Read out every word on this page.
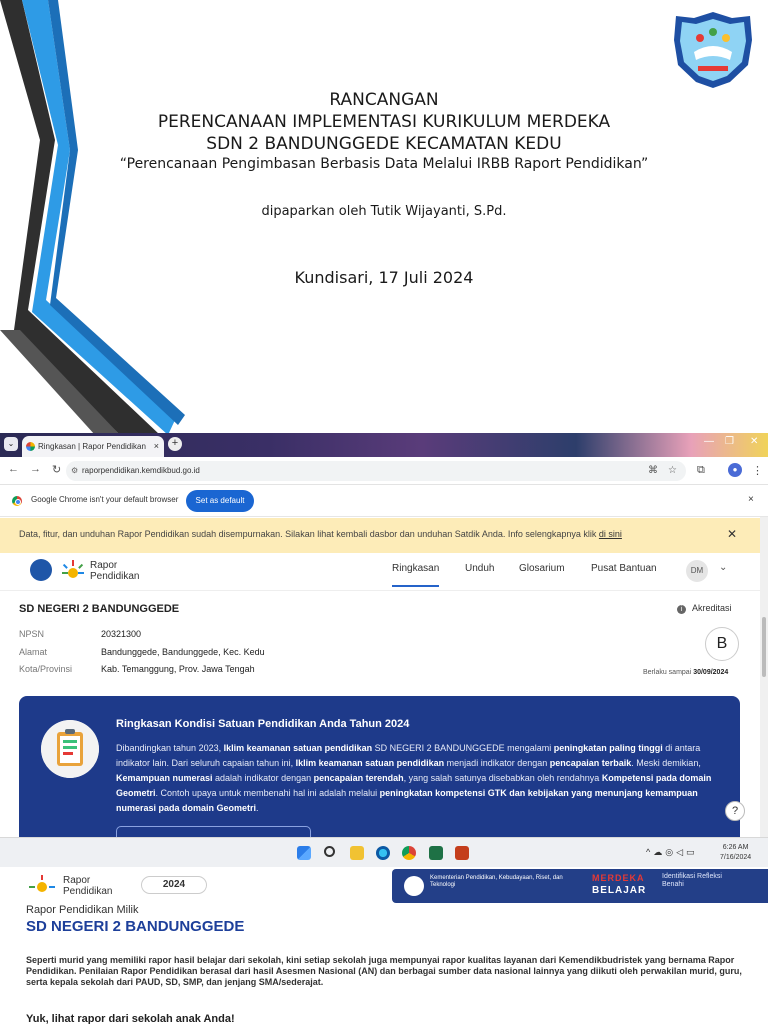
RANCANGAN
PERENCANAAN IMPLEMENTASI KURIKULUM MERDEKA
SDN 2 BANDUNGGEDE KECAMATAN KEDU
“Perencanaan Pengimbasan Berbasis Data Melalui IRBB Raport Pendidikan”
dipaparkan oleh Tutik Wijayanti, S.Pd.
Kundisari, 17 Juli 2024
⌄	Ringkasan | Rapor Pendidikan ×	+	— ❐ ✕
← → ↻ ⚙ raporpendidikan.kemdikbud.go.id	⌘ ☆ ⧉	●	⋮
Google Chrome isn't your default browser	Set as default	×
Data, fitur, dan unduhan Rapor Pendidikan sudah disempurnakan. Silakan lihat kembali dasbor dan unduhan Satdik Anda. Info selengkapnya klik di sini	✕
Rapor
Pendidikan
Ringkasan	Unduh Glosarium	Pusat Bantuan	DM	⌄
SD NEGERI 2 BANDUNGGEDE
NPSN	20321300
Alamat	Bandunggede, Bandunggede, Kec. Kedu
Kota/Provinsi	Kab. Temanggung, Prov. Jawa Tengah
i	Akreditasi
B
Berlaku sampai 30/09/2024
Ringkasan Kondisi Satuan Pendidikan Anda Tahun 2024
Dibandingkan tahun 2023, Iklim keamanan satuan pendidikan SD NEGERI 2 BANDUNGGEDE mengalami peningkatan paling tinggi di antara indikator lain. Dari seluruh capaian tahun ini, Iklim keamanan satuan pendidikan menjadi indikator dengan pencapaian terbaik. Meski demikian, Kemampuan numerasi adalah indikator dengan pencapaian terendah, yang salah satunya disebabkan oleh rendahnya Kompetensi pada domain Geometri. Contoh upaya untuk membenahi hal ini adalah melalui peningkatan kompetensi GTK dan kebijakan yang menunjang kemampuan numerasi pada domain Geometri.	?
^☁◎◁▭	6:26 AM
7/16/2024
Rapor
Pendidikan
2024
Kementerian Pendidikan, Kebudayaan, Riset, dan Teknologi
MERDEKA
BELAJAR
Identifikasi Refleksi Benahi
Rapor Pendidikan Milik
SD NEGERI 2 BANDUNGGEDE
Seperti murid yang memiliki rapor hasil belajar dari sekolah, kini setiap sekolah juga mempunyai rapor kualitas layanan dari Kemendikbudristek yang bernama Rapor Pendidikan. Penilaian Rapor Pendidikan berasal dari hasil Asesmen Nasional (AN) dan berbagai sumber data nasional lainnya yang diikuti oleh perwakilan murid, guru, serta kepala sekolah dari PAUD, SD, SMP, dan jenjang SMA/sederajat.
Yuk, lihat rapor dari sekolah anak Anda!
